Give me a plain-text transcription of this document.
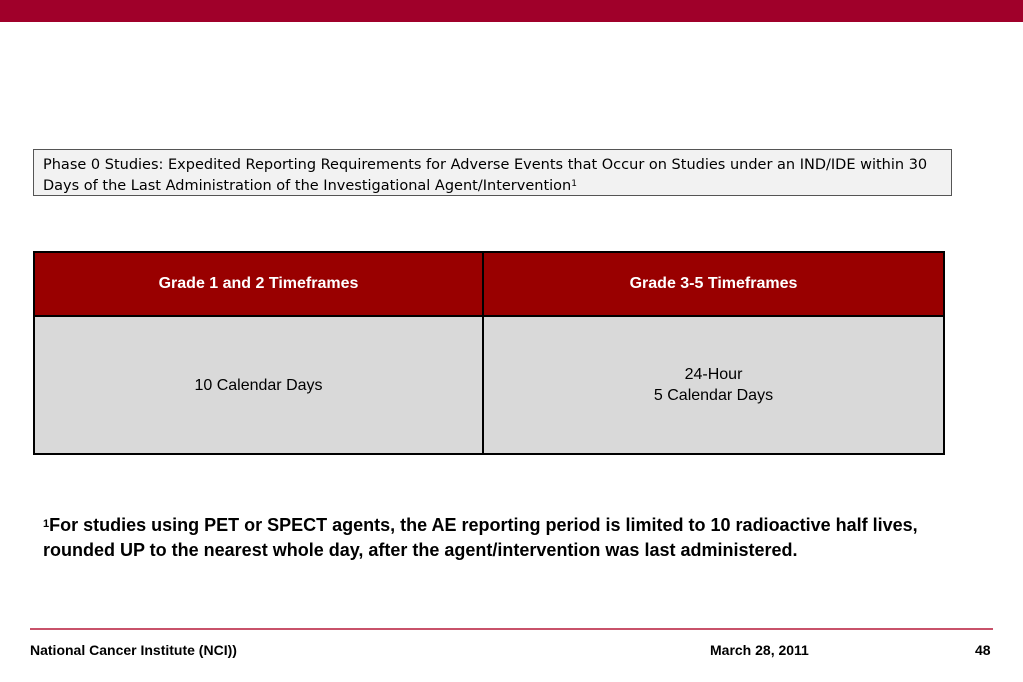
Phase 0 Studies: Expedited Reporting Requirements for Adverse Events that Occur on Studies under an IND/IDE within 30 Days of the Last Administration of the Investigational Agent/Intervention$^1$
Grade 1 and 2 Timeframes	Grade 3-5 Timeframes
10 Calendar Days	24-Hour
5 Calendar Days
$^1$For studies using PET or SPECT agents, the AE reporting period is limited to 10 radioactive half lives, rounded UP to the nearest whole day, after the agent/intervention was last administered.
National Cancer Institute (NCI))	March 28, 2011	48
